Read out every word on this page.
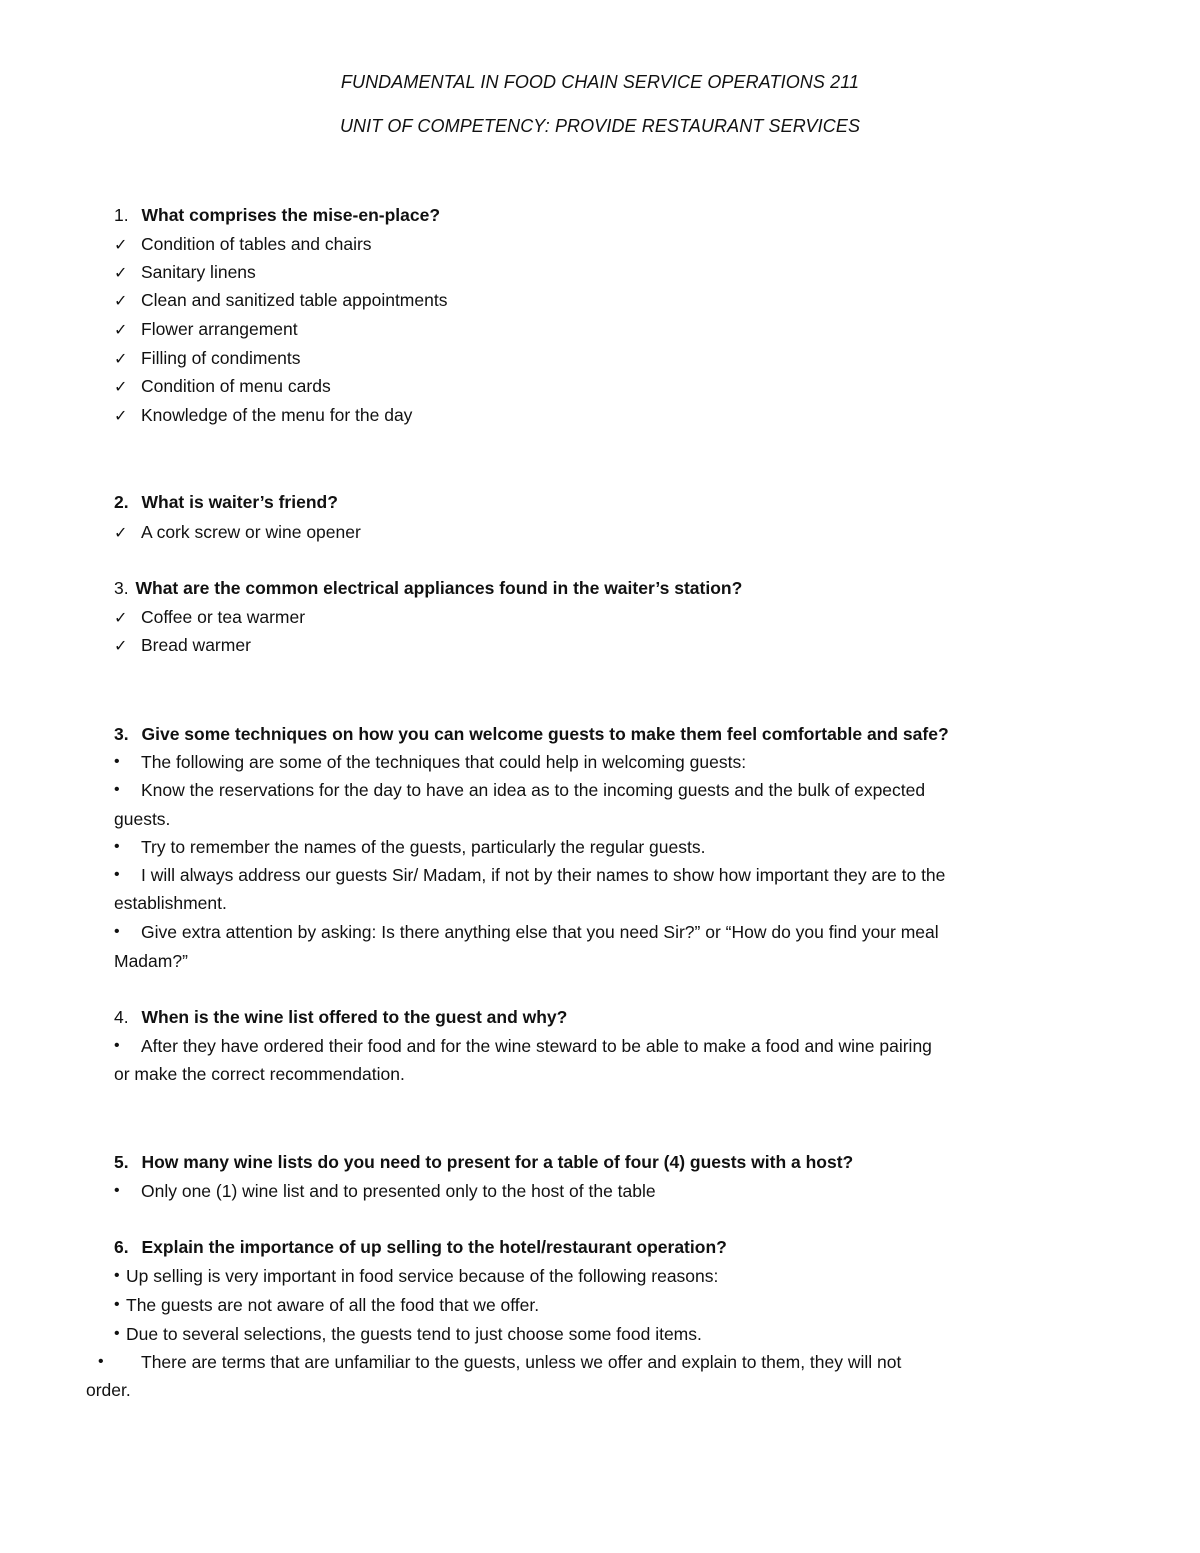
FUNDAMENTAL IN FOOD CHAIN SERVICE OPERATIONS 211
UNIT OF COMPETENCY: PROVIDE RESTAURANT SERVICES
1. What comprises the mise-en-place?
✓ Condition of tables and chairs
✓ Sanitary linens
✓ Clean and sanitized table appointments
✓ Flower arrangement
✓ Filling of condiments
✓ Condition of menu cards
✓ Knowledge of the menu for the day
2. What is waiter’s friend?
✓ A cork screw or wine opener
3. What are the common electrical appliances found in the waiter’s station?
✓ Coffee or tea warmer
✓ Bread warmer
3. Give some techniques on how you can welcome guests to make them feel comfortable and safe?
• The following are some of the techniques that could help in welcoming guests:
• Know the reservations for the day to have an idea as to the incoming guests and the bulk of expected
guests.
• Try to remember the names of the guests, particularly the regular guests.
• I will always address our guests Sir/ Madam, if not by their names to show how important they are to the
establishment.
• Give extra attention by asking: Is there anything else that you need Sir?” or “How do you find your meal
Madam?”
4. When is the wine list offered to the guest and why?
• After they have ordered their food and for the wine steward to be able to make a food and wine pairing
or make the correct recommendation.
5. How many wine lists do you need to present for a table of four (4) guests with a host?
• Only one (1) wine list and to presented only to the host of the table
6. Explain the importance of up selling to the hotel/restaurant operation?
• Up selling is very important in food service because of the following reasons:
• The guests are not aware of all the food that we offer.
• Due to several selections, the guests tend to just choose some food items.
• There are terms that are unfamiliar to the guests, unless we offer and explain to them, they will not
order.
